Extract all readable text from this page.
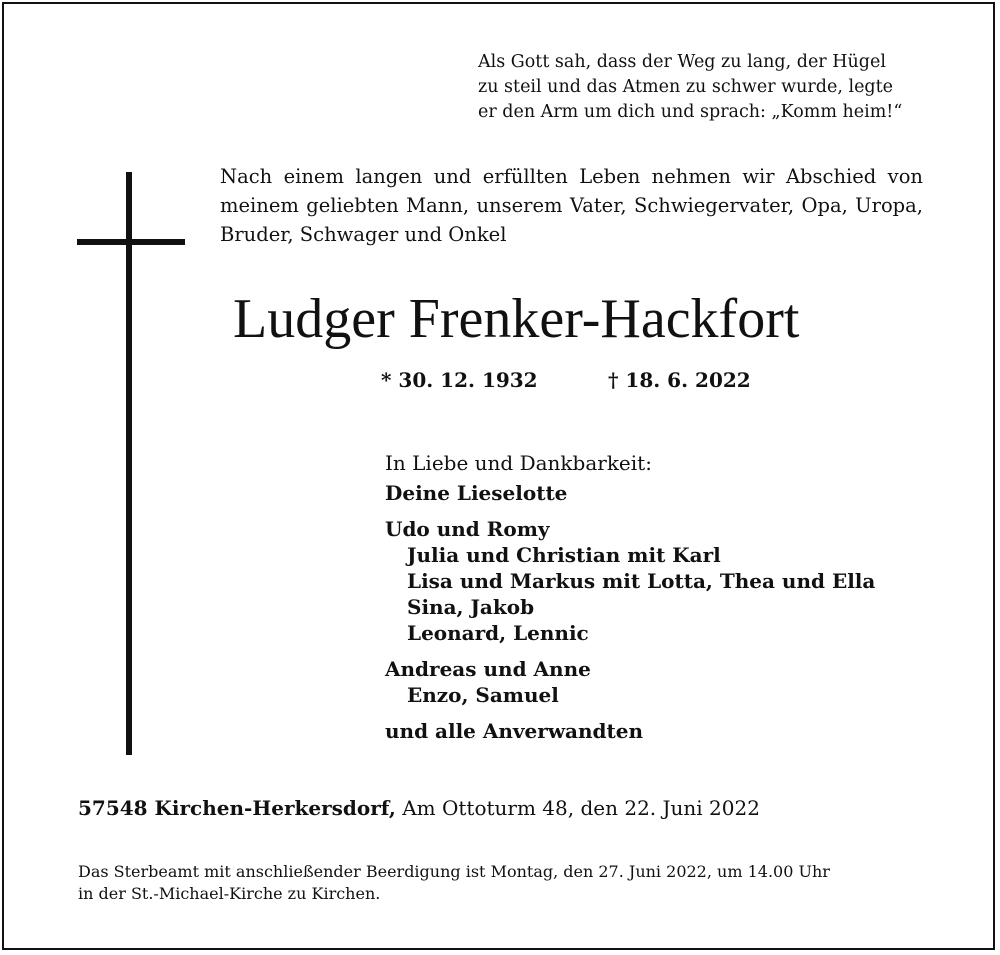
Als Gott sah, dass der Weg zu lang, der Hügel
zu steil und das Atmen zu schwer wurde, legte
er den Arm um dich und sprach: „Komm heim!“
Nach einem langen und erfüllten Leben nehmen wir Abschied von meinem geliebten Mann, unserem Vater, Schwiegervater, Opa, Uropa, Bruder, Schwager und Onkel
Ludger Frenker-Hackfort
* 30. 12. 1932	† 18. 6. 2022
In Liebe und Dankbarkeit:
Deine Lieselotte
Udo und Romy
Julia und Christian mit Karl
Lisa und Markus mit Lotta, Thea und Ella
Sina, Jakob
Leonard, Lennic
Andreas und Anne
Enzo, Samuel
und alle Anverwandten
57548 Kirchen-Herkersdorf, Am Ottoturm 48, den 22. Juni 2022
Das Sterbeamt mit anschließender Beerdigung ist Montag, den 27. Juni 2022, um 14.00 Uhr
in der St.-Michael-Kirche zu Kirchen.
